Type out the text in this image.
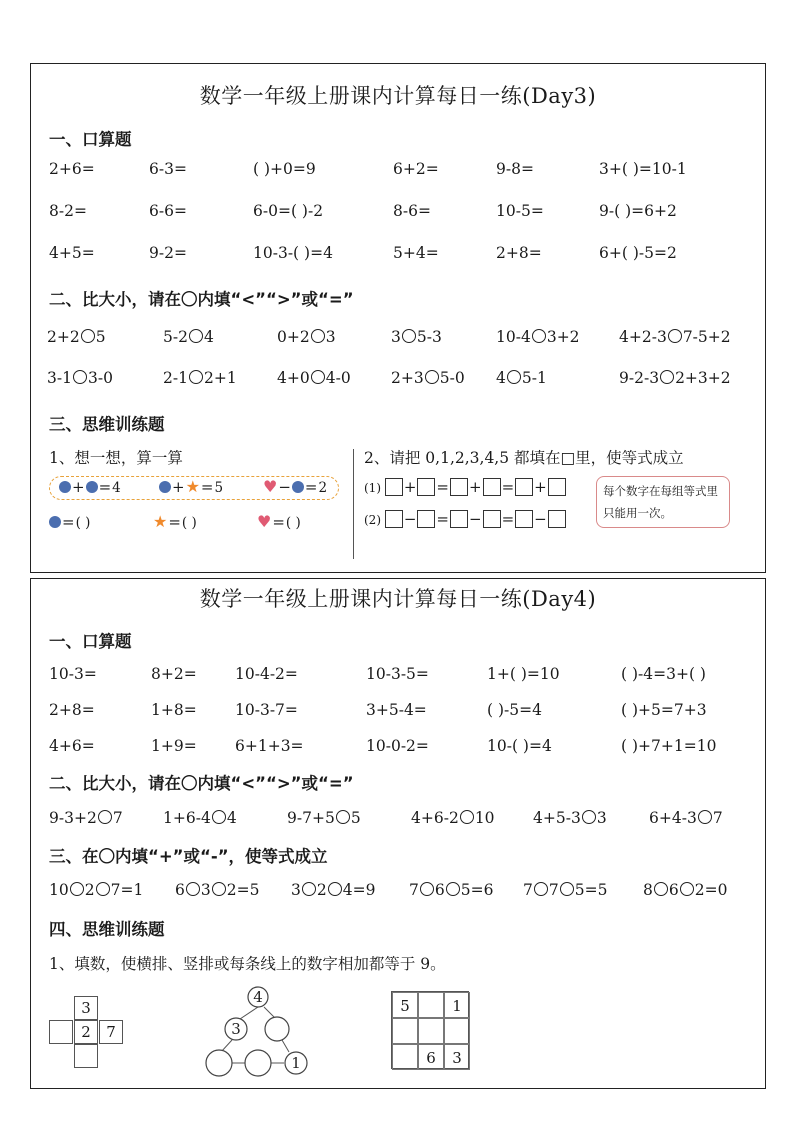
数学一年级上册课内计算每日一练(Day3)
一、口算题
2+6=	6-3=	( )+0=9	6+2=	9-8=	3+( )=10-1
8-2=	6-6=	6-0=( )-2	8-6=	10-5=	9-( )=6+2
4+5=	9-2=	10-3-( )=4	5+4=	2+8=	6+( )-5=2
二、比大小，请在〇内填“<”“>”或“=”
2+2 5	5-2 4	0+2 3	3 5-3	10-4 3+2	4+2-3 7-5+2
3-1 3-0	2-1 2+1	4+0 4-0	2+3 5-0 4 5-1	9-2-3 2+3+2
三、思维训练题
1、想一想，算一算
+ =4	+★=5 ♥− =2
=( )	★=( )	♥=( )
2、请把 0,1,2,3,4,5 都填在□里，使等式成立
(1) + = + = +
(2) − = − = −
每个数字在每组等式里只能用一次。
数学一年级上册课内计算每日一练(Day4)
一、口算题
10-3=	8+2= 10-4-2=	10-3-5=	1+( )=10	( )-4=3+( )
2+8=	1+8= 10-3-7=	3+5-4=	( )-5=4	( )+5=7+3
4+6=	1+9= 6+1+3=	10-0-2=	10-( )=4	( )+7+1=10
二、比大小，请在〇内填“<”“>”或“=”
9-3+2 7	1+6-4 4	9-7+5 5	4+6-2 10 4+5-3 3	6+4-3 7
三、在〇内填“+”或“-”，使等式成立
10 2 7=1 6 3 2=5 3 2 4=9 7 6 5=6 7 7 5=5 8 6 2=0
四、思维训练题
1、填数，使横排、竖排或每条线上的数字相加都等于 9。
3
2	7
4
3
1
5	1
6	3
